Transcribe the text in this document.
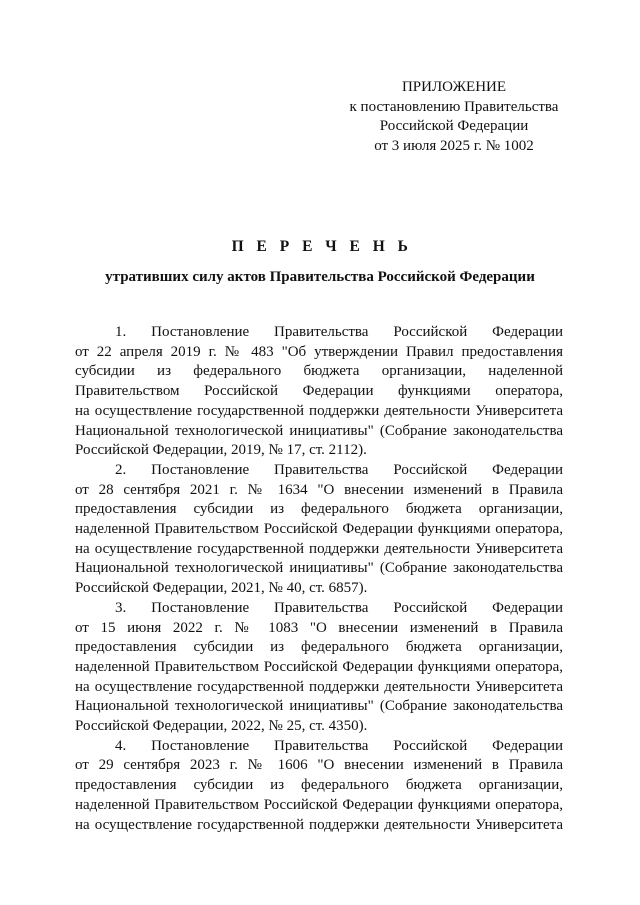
ПРИЛОЖЕНИЕ
к постановлению Правительства
Российской Федерации
от 3 июля 2025 г. № 1002
П Е Р Е Ч Е Н Ь
утративших силу актов Правительства Российской Федерации
1. Постановление Правительства Российской Федерации
от 22 апреля 2019 г. № 483 "Об утверждении Правил предоставления
субсидии из федерального бюджета организации, наделенной
Правительством Российской Федерации функциями оператора,
на осуществление государственной поддержки деятельности Университета
Национальной технологической инициативы" (Собрание законодательства
Российской Федерации, 2019, № 17, ст. 2112).
2. Постановление Правительства Российской Федерации
от 28 сентября 2021 г. № 1634 "О внесении изменений в Правила
предоставления субсидии из федерального бюджета организации,
наделенной Правительством Российской Федерации функциями оператора,
на осуществление государственной поддержки деятельности Университета
Национальной технологической инициативы" (Собрание законодательства
Российской Федерации, 2021, № 40, ст. 6857).
3. Постановление Правительства Российской Федерации
от 15 июня 2022 г. № 1083 "О внесении изменений в Правила
предоставления субсидии из федерального бюджета организации,
наделенной Правительством Российской Федерации функциями оператора,
на осуществление государственной поддержки деятельности Университета
Национальной технологической инициативы" (Собрание законодательства
Российской Федерации, 2022, № 25, ст. 4350).
4. Постановление Правительства Российской Федерации
от 29 сентября 2023 г. № 1606 "О внесении изменений в Правила
предоставления субсидии из федерального бюджета организации,
наделенной Правительством Российской Федерации функциями оператора,
на осуществление государственной поддержки деятельности Университета
